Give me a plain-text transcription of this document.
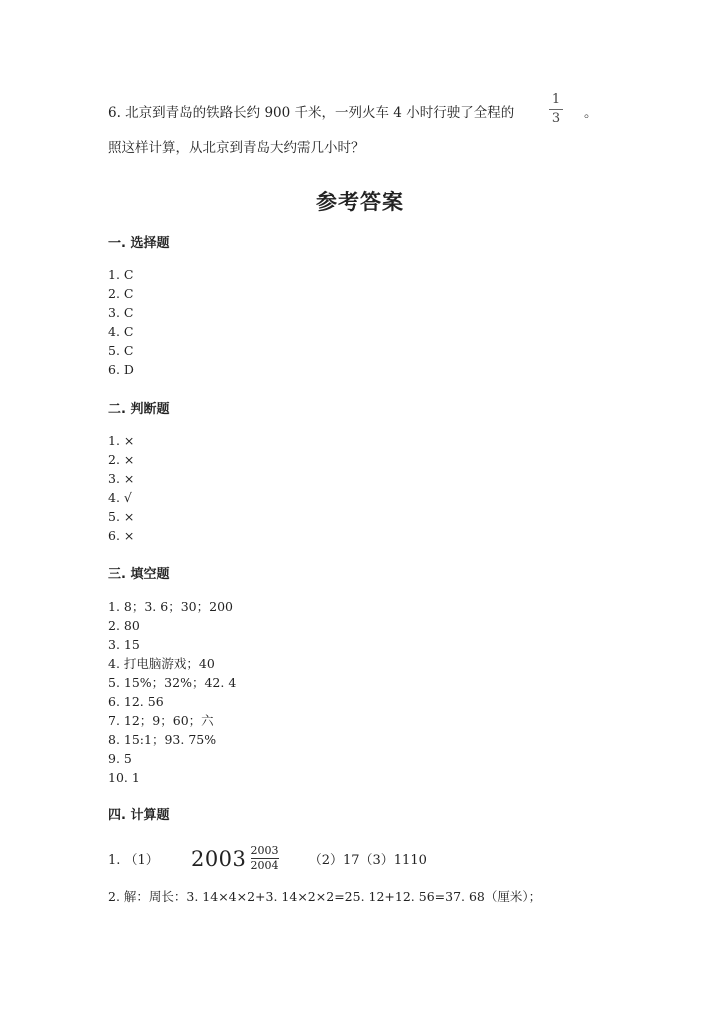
6. 北京到青岛的铁路长约 900 千米，一列火车 4 小时行驶了全程的
1
3 。
照这样计算，从北京到青岛大约需几小时？
参考答案
一. 选择题
1. C
2. C
3. C
4. C
5. C
6. D
二. 判断题
1. ×
2. ×
3. ×
4. √
5. ×
6. ×
三. 填空题
1. 8；3. 6；30；200
2. 80
3. 15
4. 打电脑游戏；40
5. 15%；32%；42. 4
6. 12. 56
7. 12；9；60；六
8. 15:1；93. 75%
9. 5
10. 1
四. 计算题
1. （1） $2003 \frac{2003}{2004} (2)17(3)1110$
2. 解：周长：3. 14×4×2+3. 14×2×2=25. 12+12. 56=37. 68（厘米）；
